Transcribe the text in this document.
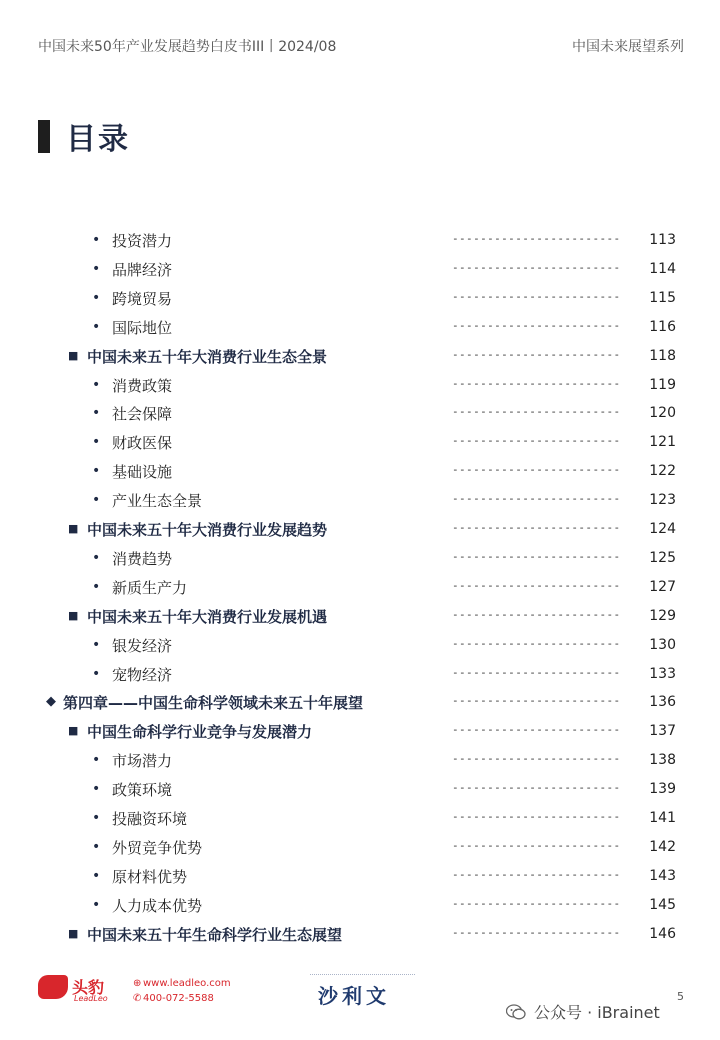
中国未来50年产业发展趋势白皮书III丨2024/08	中国未来展望系列
目录
• 投资潜力	------------------------ 113
• 品牌经济	------------------------ 114
• 跨境贸易	------------------------ 115
• 国际地位	------------------------ 116
■ 中国未来五十年大消费行业生态全景	------------------------ 118
• 消费政策	------------------------ 119
• 社会保障	------------------------ 120
• 财政医保	------------------------ 121
• 基础设施	------------------------ 122
• 产业生态全景	------------------------ 123
■ 中国未来五十年大消费行业发展趋势	------------------------ 124
• 消费趋势	------------------------ 125
• 新质生产力	------------------------ 127
■ 中国未来五十年大消费行业发展机遇	------------------------ 129
• 银发经济	------------------------ 130
• 宠物经济	------------------------ 133
◆ 第四章——中国生命科学领域未来五十年展望	------------------------ 136
■ 中国生命科学行业竞争与发展潜力	------------------------ 137
• 市场潜力	------------------------ 138
• 政策环境	------------------------ 139
• 投融资环境	------------------------ 141
• 外贸竞争优势	------------------------ 142
• 原材料优势	------------------------ 143
• 人力成本优势	------------------------ 145
■ 中国未来五十年生命科学行业生态展望	------------------------ 146
头豹
LeadLeo
⊕ www.leadleo.com
✆ 400-072-5588	沙利文	5
公众号 · iBrainet
